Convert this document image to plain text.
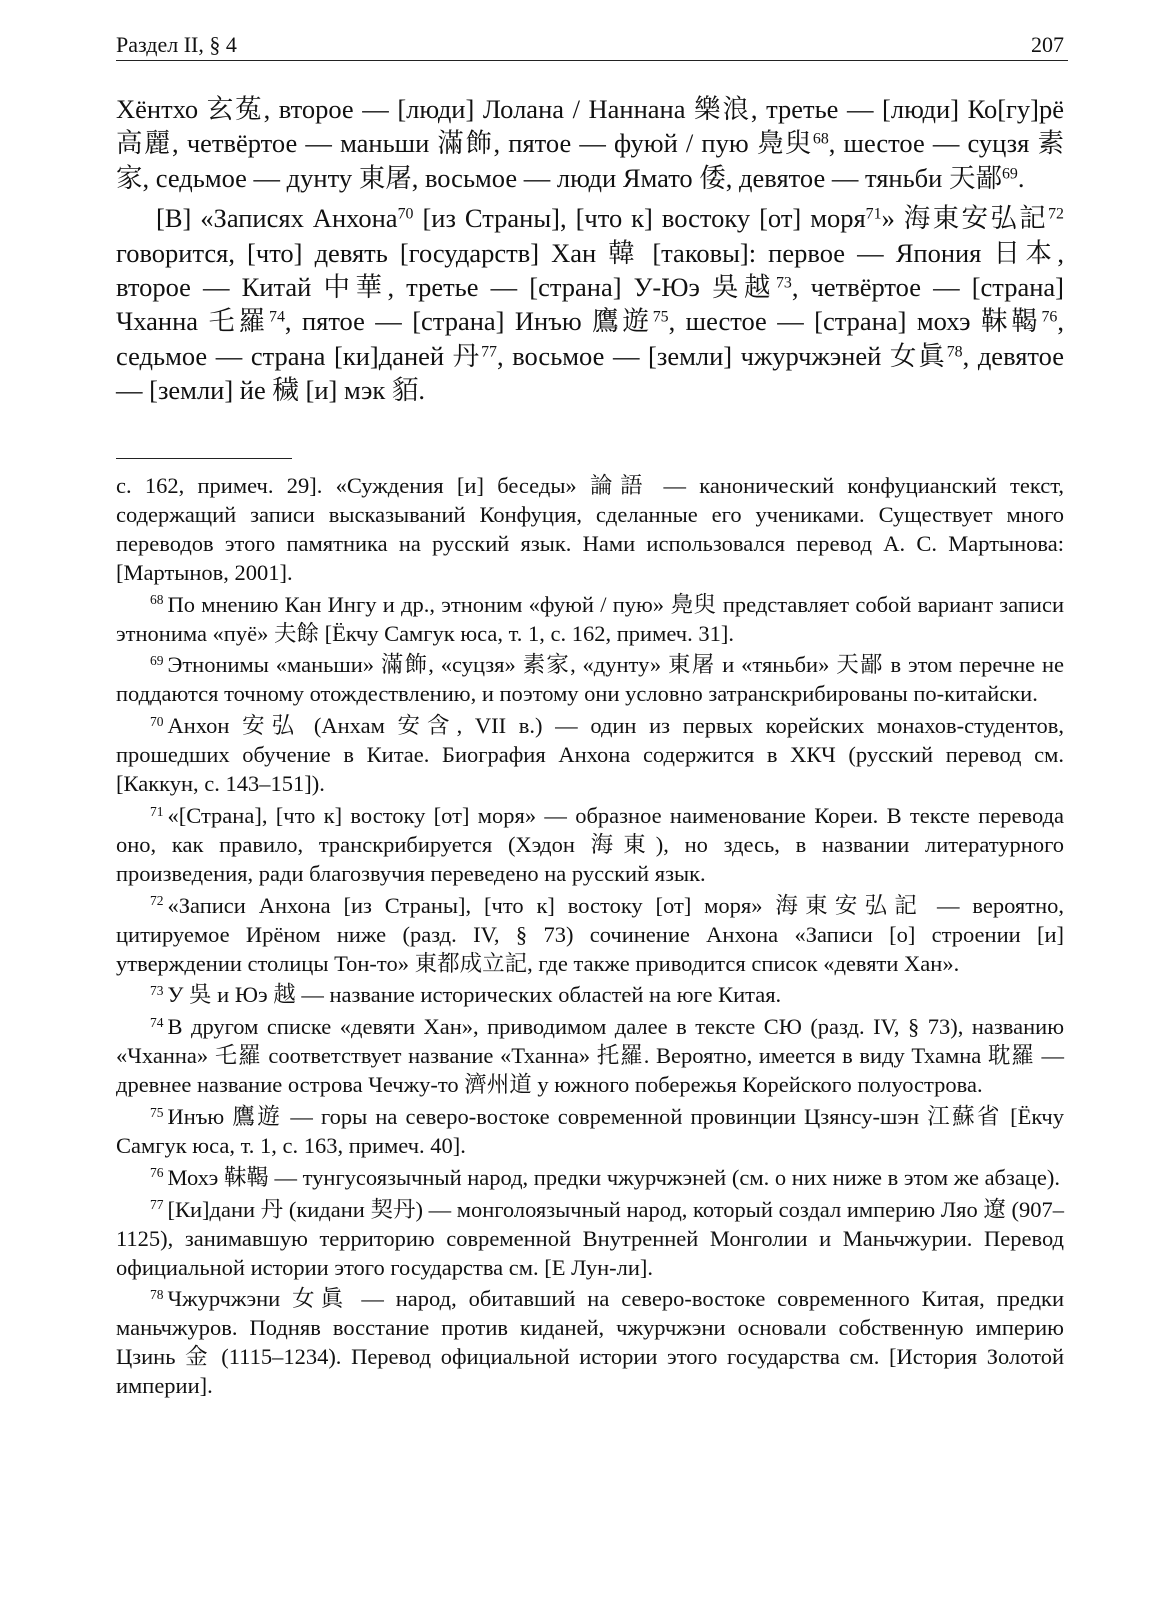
Раздел II, § 4	207

Хёнтхо 玄菟, второе — [люди] Лолана / Наннана 樂浪, третье — [люди] Ко[гу]рё 高麗, четвёртое — маньши 滿飾, пятое — фуюй / пую 鳧臾$^{68}$, шестое — суцзя 素家, седьмое — дунту 東屠, восьмое — люди Ямато 倭, девятое — тяньби 天鄙$^{69}$.

[В] «Записях Анхона$^{70}$ [из Страны], [что к] востоку [от] моря$^{71}$» 海東安弘記$^{72}$ говорится, [что] девять [государств] Хан 韓 [таковы]: первое — Япония 日本, второе — Китай 中華, третье — [страна] У-Юэ 吳越$^{73}$, четвёртое — [страна] Чханна 乇羅$^{74}$, пятое — [страна] Инъю 鷹遊$^{75}$, шестое — [страна] мохэ 靺鞨$^{76}$, седьмое — страна [ки]даней 丹$^{77}$, восьмое — [земли] чжурчжэней 女眞$^{78}$, девятое — [земли] йе 穢 [и] мэк 貊.

с. 162, примеч. 29]. «Суждения [и] беседы» 論語 — канонический конфуцианский текст, содержащий записи высказываний Конфуция, сделанные его учениками. Существует много переводов этого памятника на русский язык. Нами использовался перевод А. С. Мартынова: [Мартынов, 2001].

$^{68}$ По мнению Кан Ингу и др., этноним «фуюй / пую» 鳧臾 представляет собой вариант записи этнонима «пуё» 夫餘 [Ёкчу Самгук юса, т. 1, с. 162, примеч. 31].

$^{69}$ Этнонимы «маньши» 滿飾, «суцзя» 素家, «дунту» 東屠 и «тяньби» 天鄙 в этом перечне не поддаются точному отождествлению, и поэтому они условно затранскрибированы по-китайски.

$^{70}$ Анхон 安弘 (Анхам 安含, VII в.) — один из первых корейских монахов-студентов, прошедших обучение в Китае. Биография Анхона содержится в ХКЧ (русский перевод см. [Каккун, с. 143–151]).

$^{71}$ «[Страна], [что к] востоку [от] моря» — образное наименование Кореи. В тексте перевода оно, как правило, транскрибируется (Хэдон 海東), но здесь, в названии литературного произведения, ради благозвучия переведено на русский язык.

$^{72}$ «Записи Анхона [из Страны], [что к] востоку [от] моря» 海東安弘記 — вероятно, цитируемое Ирёном ниже (разд. IV, § 73) сочинение Анхона «Записи [о] строении [и] утверждении столицы Тон-то» 東都成立記, где также приводится список «девяти Хан».

$^{73}$ У 吳 и Юэ 越 — название исторических областей на юге Китая.

$^{74}$ В другом списке «девяти Хан», приводимом далее в тексте СЮ (разд. IV, § 73), названию «Чханна» 乇羅 соответствует название «Тханна» 托羅. Вероятно, имеется в виду Тхамна 耽羅 — древнее название острова Чечжу-то 濟州道 у южного побережья Корейского полуострова.

$^{75}$ Инъю 鷹遊 — горы на северо-востоке современной провинции Цзянсу-шэн 江蘇省 [Ёкчу Самгук юса, т. 1, с. 163, примеч. 40].

$^{76}$ Мохэ 靺鞨 — тунгусоязычный народ, предки чжурчжэней (см. о них ниже в этом же абзаце).

$^{77}$ [Ки]дани 丹 (кидани 契丹) — монголоязычный народ, который создал империю Ляо 遼 (907–1125), занимавшую территорию современной Внутренней Монголии и Маньчжурии. Перевод официальной истории этого государства см. [Е Лун-ли].

$^{78}$ Чжурчжэни 女眞 — народ, обитавший на северо-востоке современного Китая, предки маньчжуров. Подняв восстание против киданей, чжурчжэни основали собственную империю Цзинь 金 (1115–1234). Перевод официальной истории этого государства см. [История Золотой империи].
